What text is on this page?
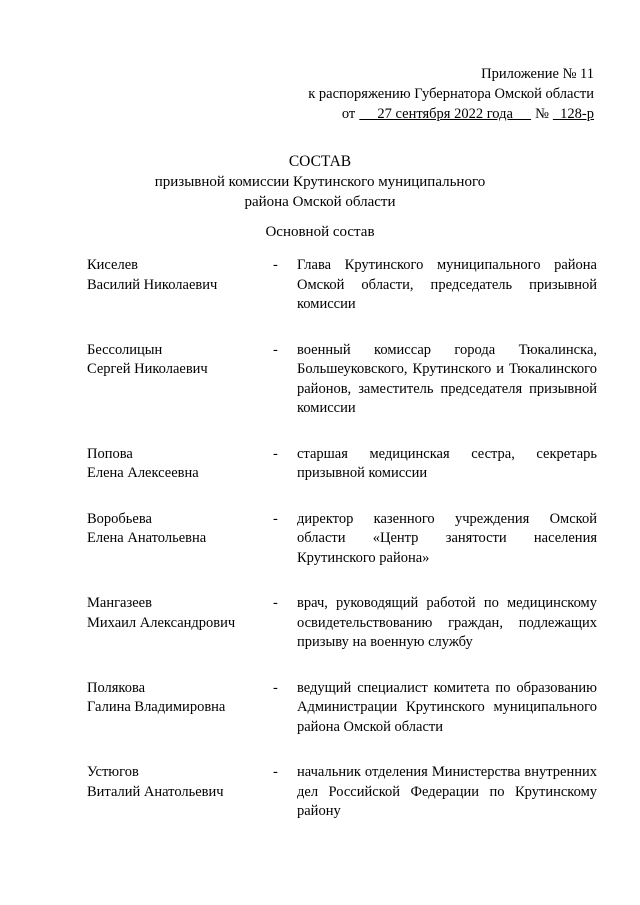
Приложение № 11
к распоряжению Губернатора Омской области
от 27 сентября 2022 года № 128-р
СОСТАВ
призывной комиссии Крутинского муниципального
района Омской области
Основной состав
Киселев
Василий Николаевич
-	Глава Крутинского муниципального района Омской области, председатель призывной комиссии
Бессолицын
Сергей Николаевич
-	военный комиссар города Тюкалинска, Большеуковского, Крутинского и Тюкалинского районов, заместитель председателя призывной комиссии
Попова
Елена Алексеевна
-	старшая медицинская сестра, секретарь призывной комиссии
Воробьева
Елена Анатольевна
-	директор казенного учреждения Омской области «Центр занятости населения Крутинского района»
Мангазеев
Михаил Александрович
-	врач, руководящий работой по медицинскому освидетельствованию граждан, подлежащих призыву на военную службу
Полякова
Галина Владимировна
-	ведущий специалист комитета по образованию Администрации Крутинского муниципального района Омской области
Устюгов
Виталий Анатольевич
-	начальник отделения Министерства внутренних дел Российской Федерации по Крутинскому району
